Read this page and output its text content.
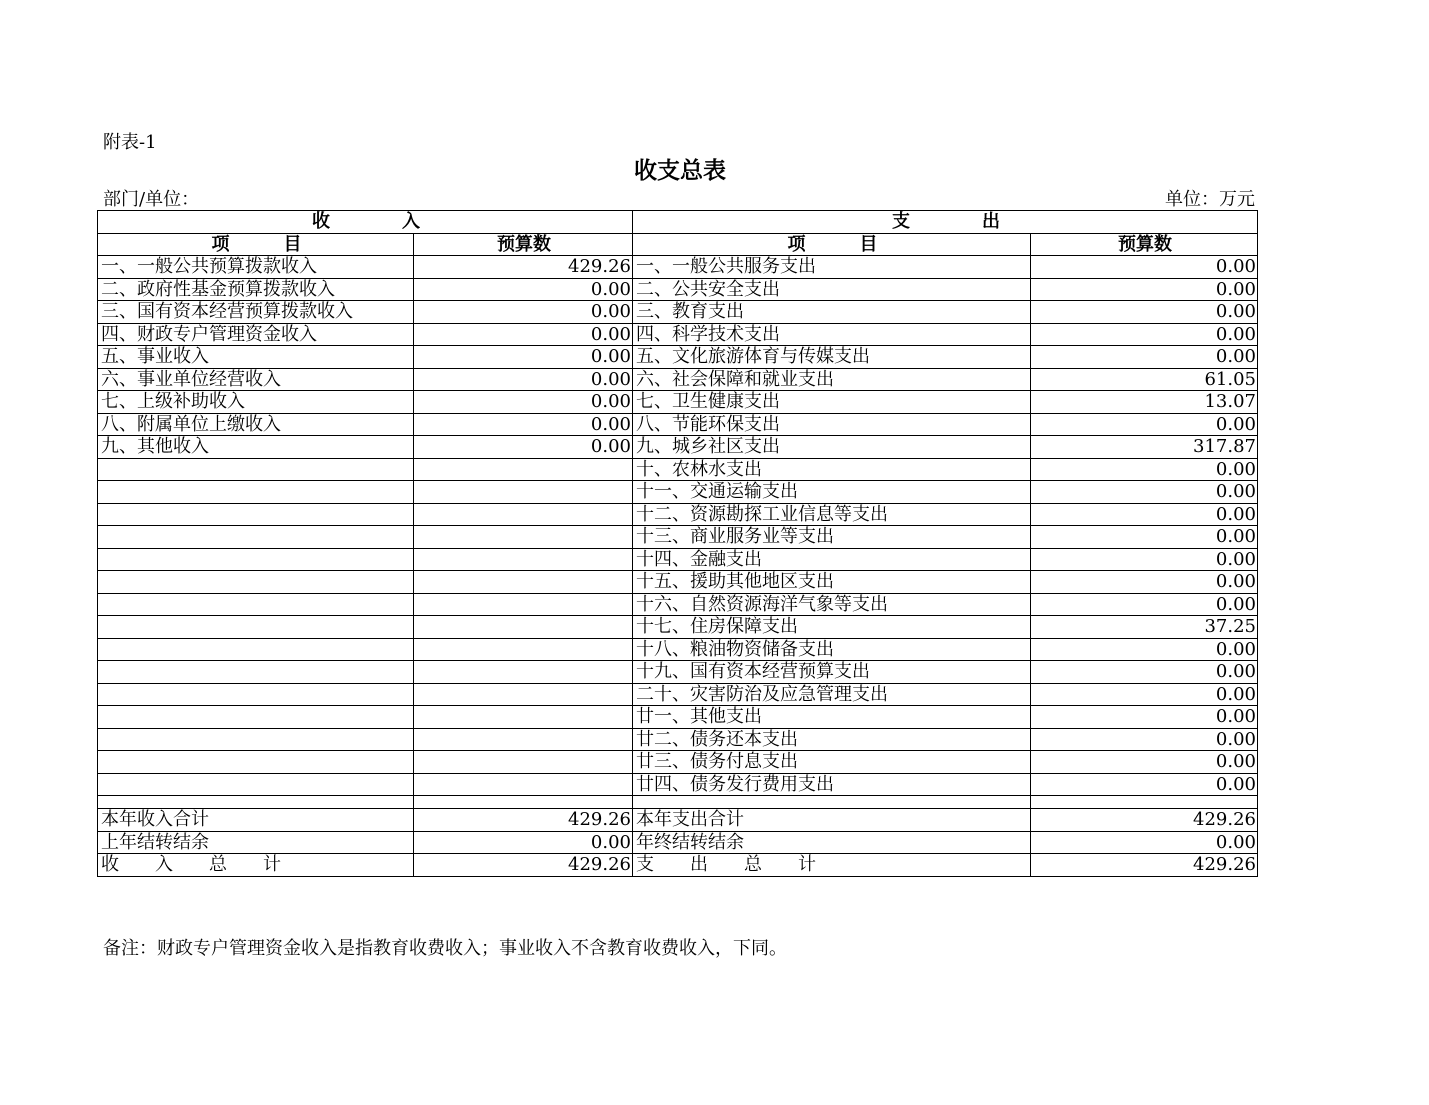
附表-1
收支总表
部门/单位：	单位：万元
收　　　　入		支　　　　出	
项　　　目	预算数	项　　　目	预算数
一、一般公共预算拨款收入	429.26	一、一般公共服务支出	0.00
二、政府性基金预算拨款收入	0.00	二、公共安全支出	0.00
三、国有资本经营预算拨款收入	0.00	三、教育支出	0.00
四、财政专户管理资金收入	0.00	四、科学技术支出	0.00
五、事业收入	0.00	五、文化旅游体育与传媒支出	0.00
六、事业单位经营收入	0.00	六、社会保障和就业支出	61.05
七、上级补助收入	0.00	七、卫生健康支出	13.07
八、附属单位上缴收入	0.00	八、节能环保支出	0.00
九、其他收入	0.00	九、城乡社区支出	317.87
		十、农林水支出	0.00
		十一、交通运输支出	0.00
		十二、资源勘探工业信息等支出	0.00
		十三、商业服务业等支出	0.00
		十四、金融支出	0.00
		十五、援助其他地区支出	0.00
		十六、自然资源海洋气象等支出	0.00
		十七、住房保障支出	37.25
		十八、粮油物资储备支出	0.00
		十九、国有资本经营预算支出	0.00
		二十、灾害防治及应急管理支出	0.00
		廿一、其他支出	0.00
		廿二、债务还本支出	0.00
		廿三、债务付息支出	0.00
		廿四、债务发行费用支出	0.00

本年收入合计	429.26	本年支出合计	429.26
上年结转结余	0.00	年终结转结余	0.00
收　　入　　总　　计	429.26	支　　出　　总　　计	429.26
备注：财政专户管理资金收入是指教育收费收入；事业收入不含教育收费收入，下同。
